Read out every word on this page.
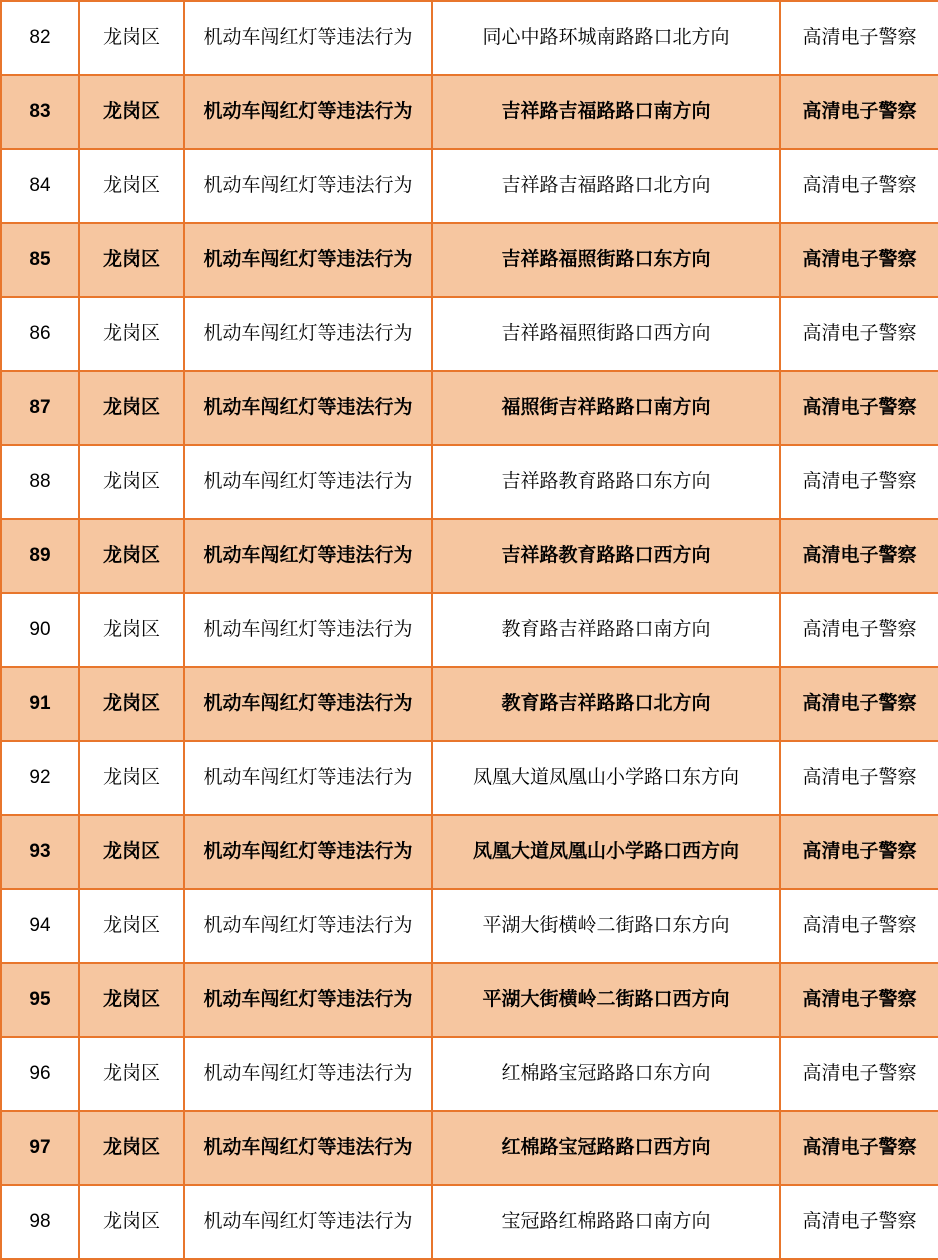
82	龙岗区	机动车闯红灯等违法行为	同心中路环城南路路口北方向	高清电子警察
83	龙岗区	机动车闯红灯等违法行为	吉祥路吉福路路口南方向	高清电子警察
84	龙岗区	机动车闯红灯等违法行为	吉祥路吉福路路口北方向	高清电子警察
85	龙岗区	机动车闯红灯等违法行为	吉祥路福照街路口东方向	高清电子警察
86	龙岗区	机动车闯红灯等违法行为	吉祥路福照街路口西方向	高清电子警察
87	龙岗区	机动车闯红灯等违法行为	福照街吉祥路路口南方向	高清电子警察
88	龙岗区	机动车闯红灯等违法行为	吉祥路教育路路口东方向	高清电子警察
89	龙岗区	机动车闯红灯等违法行为	吉祥路教育路路口西方向	高清电子警察
90	龙岗区	机动车闯红灯等违法行为	教育路吉祥路路口南方向	高清电子警察
91	龙岗区	机动车闯红灯等违法行为	教育路吉祥路路口北方向	高清电子警察
92	龙岗区	机动车闯红灯等违法行为	凤凰大道凤凰山小学路口东方向	高清电子警察
93	龙岗区	机动车闯红灯等违法行为	凤凰大道凤凰山小学路口西方向	高清电子警察
94	龙岗区	机动车闯红灯等违法行为	平湖大街横岭二街路口东方向	高清电子警察
95	龙岗区	机动车闯红灯等违法行为	平湖大街横岭二街路口西方向	高清电子警察
96	龙岗区	机动车闯红灯等违法行为	红棉路宝冠路路口东方向	高清电子警察
97	龙岗区	机动车闯红灯等违法行为	红棉路宝冠路路口西方向	高清电子警察
98	龙岗区	机动车闯红灯等违法行为	宝冠路红棉路路口南方向	高清电子警察
